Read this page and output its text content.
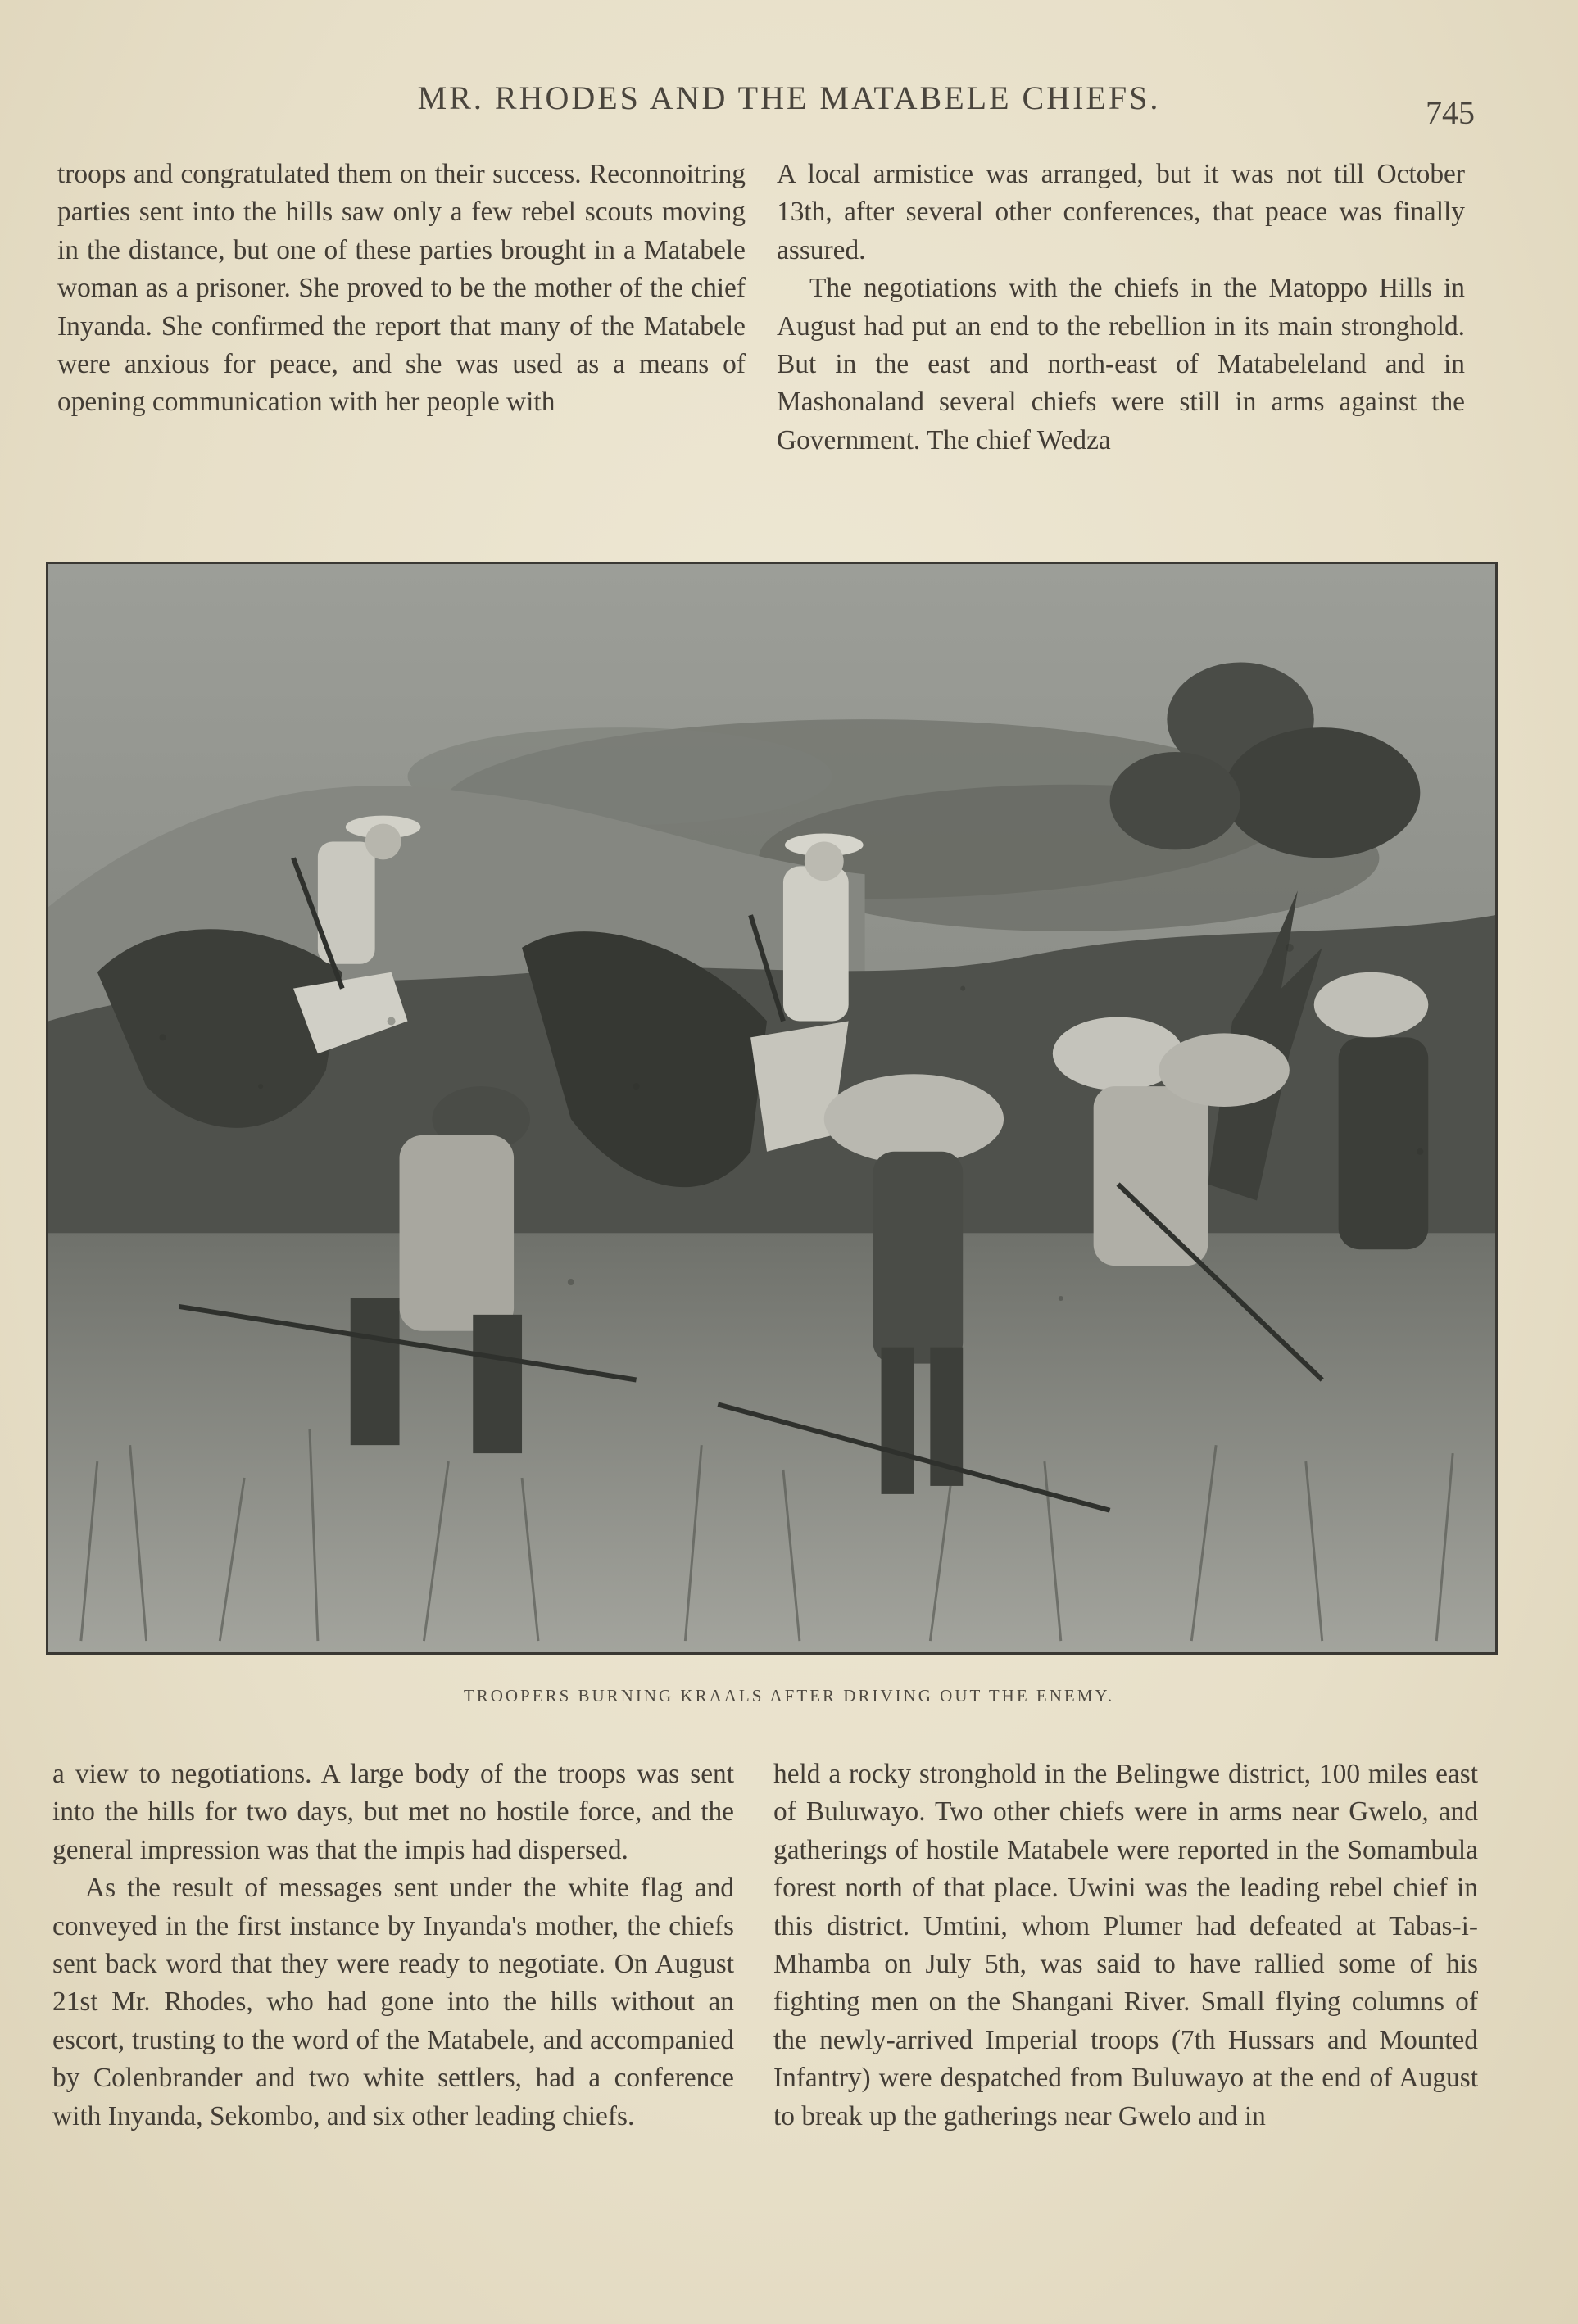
MR. RHODES AND THE MATABELE CHIEFS.	745

troops and congratulated them on their success. Reconnoitring parties sent into the hills saw only a few rebel scouts moving in the distance, but one of these parties brought in a Matabele woman as a prisoner. She proved to be the mother of the chief Inyanda. She confirmed the report that many of the Matabele were anxious for peace, and she was used as a means of opening communication with her people with

A local armistice was arranged, but it was not till October 13th, after several other conferences, that peace was finally assured.

The negotiations with the chiefs in the Matoppo Hills in August had put an end to the rebellion in its main stronghold. But in the east and north-east of Matabeleland and in Mashonaland several chiefs were still in arms against the Government. The chief Wedza

TROOPERS BURNING KRAALS AFTER DRIVING OUT THE ENEMY.

a view to negotiations. A large body of the troops was sent into the hills for two days, but met no hostile force, and the general impression was that the impis had dispersed.

As the result of messages sent under the white flag and conveyed in the first instance by Inyanda's mother, the chiefs sent back word that they were ready to negotiate. On August 21st Mr. Rhodes, who had gone into the hills without an escort, trusting to the word of the Matabele, and accompanied by Colenbrander and two white settlers, had a conference with Inyanda, Sekombo, and six other leading chiefs.

held a rocky stronghold in the Belingwe district, 100 miles east of Buluwayo. Two other chiefs were in arms near Gwelo, and gatherings of hostile Matabele were reported in the Somambula forest north of that place. Uwini was the leading rebel chief in this district. Umtini, whom Plumer had defeated at Tabas-i-Mhamba on July 5th, was said to have rallied some of his fighting men on the Shangani River. Small flying columns of the newly-arrived Imperial troops (7th Hussars and Mounted Infantry) were despatched from Buluwayo at the end of August to break up the gatherings near Gwelo and in
